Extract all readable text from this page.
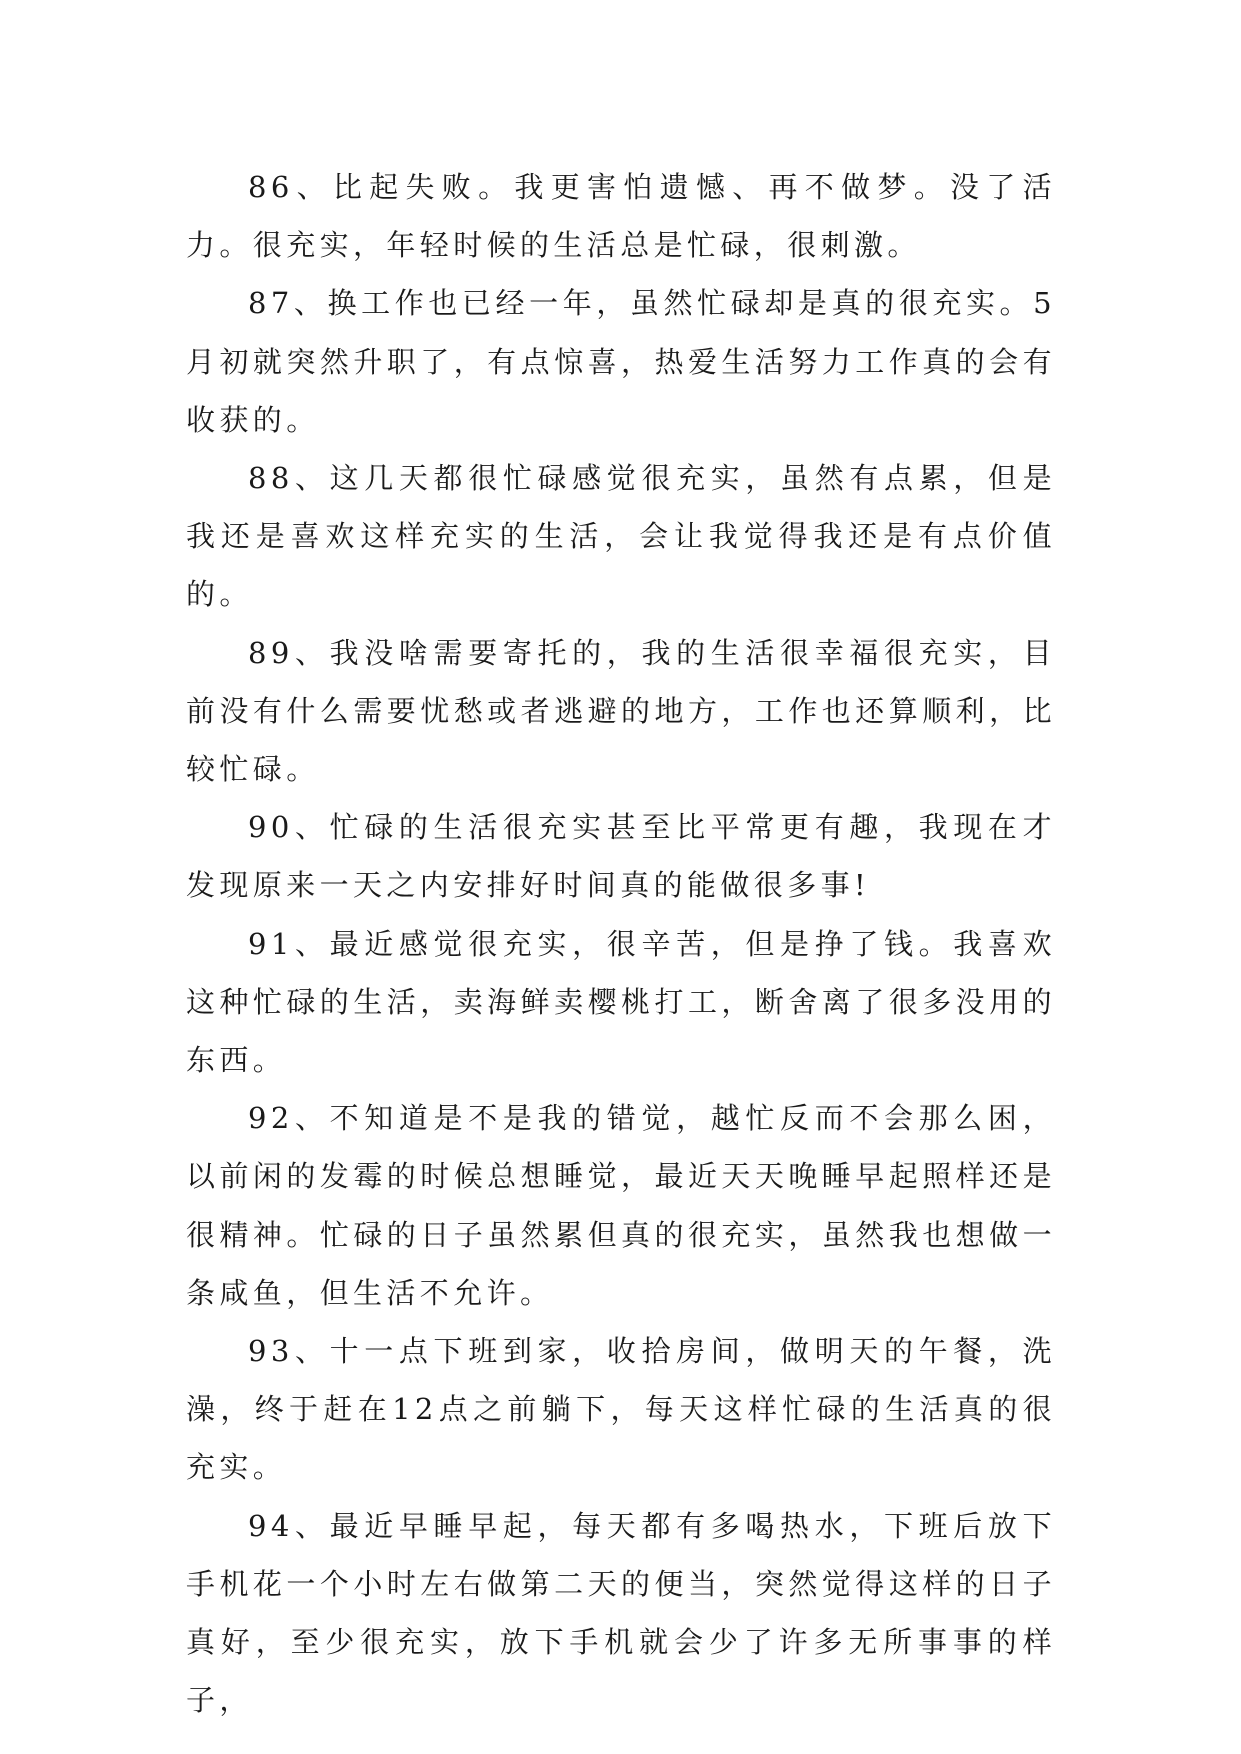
86、比起失败。我更害怕遗憾、再不做梦。没了活力。很充实，年轻时候的生活总是忙碌，很刺激。

87、换工作也已经一年，虽然忙碌却是真的很充实。5月初就突然升职了，有点惊喜，热爱生活努力工作真的会有收获的。

88、这几天都很忙碌感觉很充实，虽然有点累，但是我还是喜欢这样充实的生活，会让我觉得我还是有点价值的。

89、我没啥需要寄托的，我的生活很幸福很充实，目前没有什么需要忧愁或者逃避的地方，工作也还算顺利，比较忙碌。

90、忙碌的生活很充实甚至比平常更有趣，我现在才发现原来一天之内安排好时间真的能做很多事!

91、最近感觉很充实，很辛苦，但是挣了钱。我喜欢这种忙碌的生活，卖海鲜卖樱桃打工，断舍离了很多没用的东西。

92、不知道是不是我的错觉，越忙反而不会那么困，以前闲的发霉的时候总想睡觉，最近天天晚睡早起照样还是很精神。忙碌的日子虽然累但真的很充实，虽然我也想做一条咸鱼，但生活不允许。

93、十一点下班到家，收拾房间，做明天的午餐，洗澡，终于赶在12点之前躺下，每天这样忙碌的生活真的很充实。

94、最近早睡早起，每天都有多喝热水，下班后放下手机花一个小时左右做第二天的便当，突然觉得这样的日子真好，至少很充实，放下手机就会少了许多无所事事的样子，
